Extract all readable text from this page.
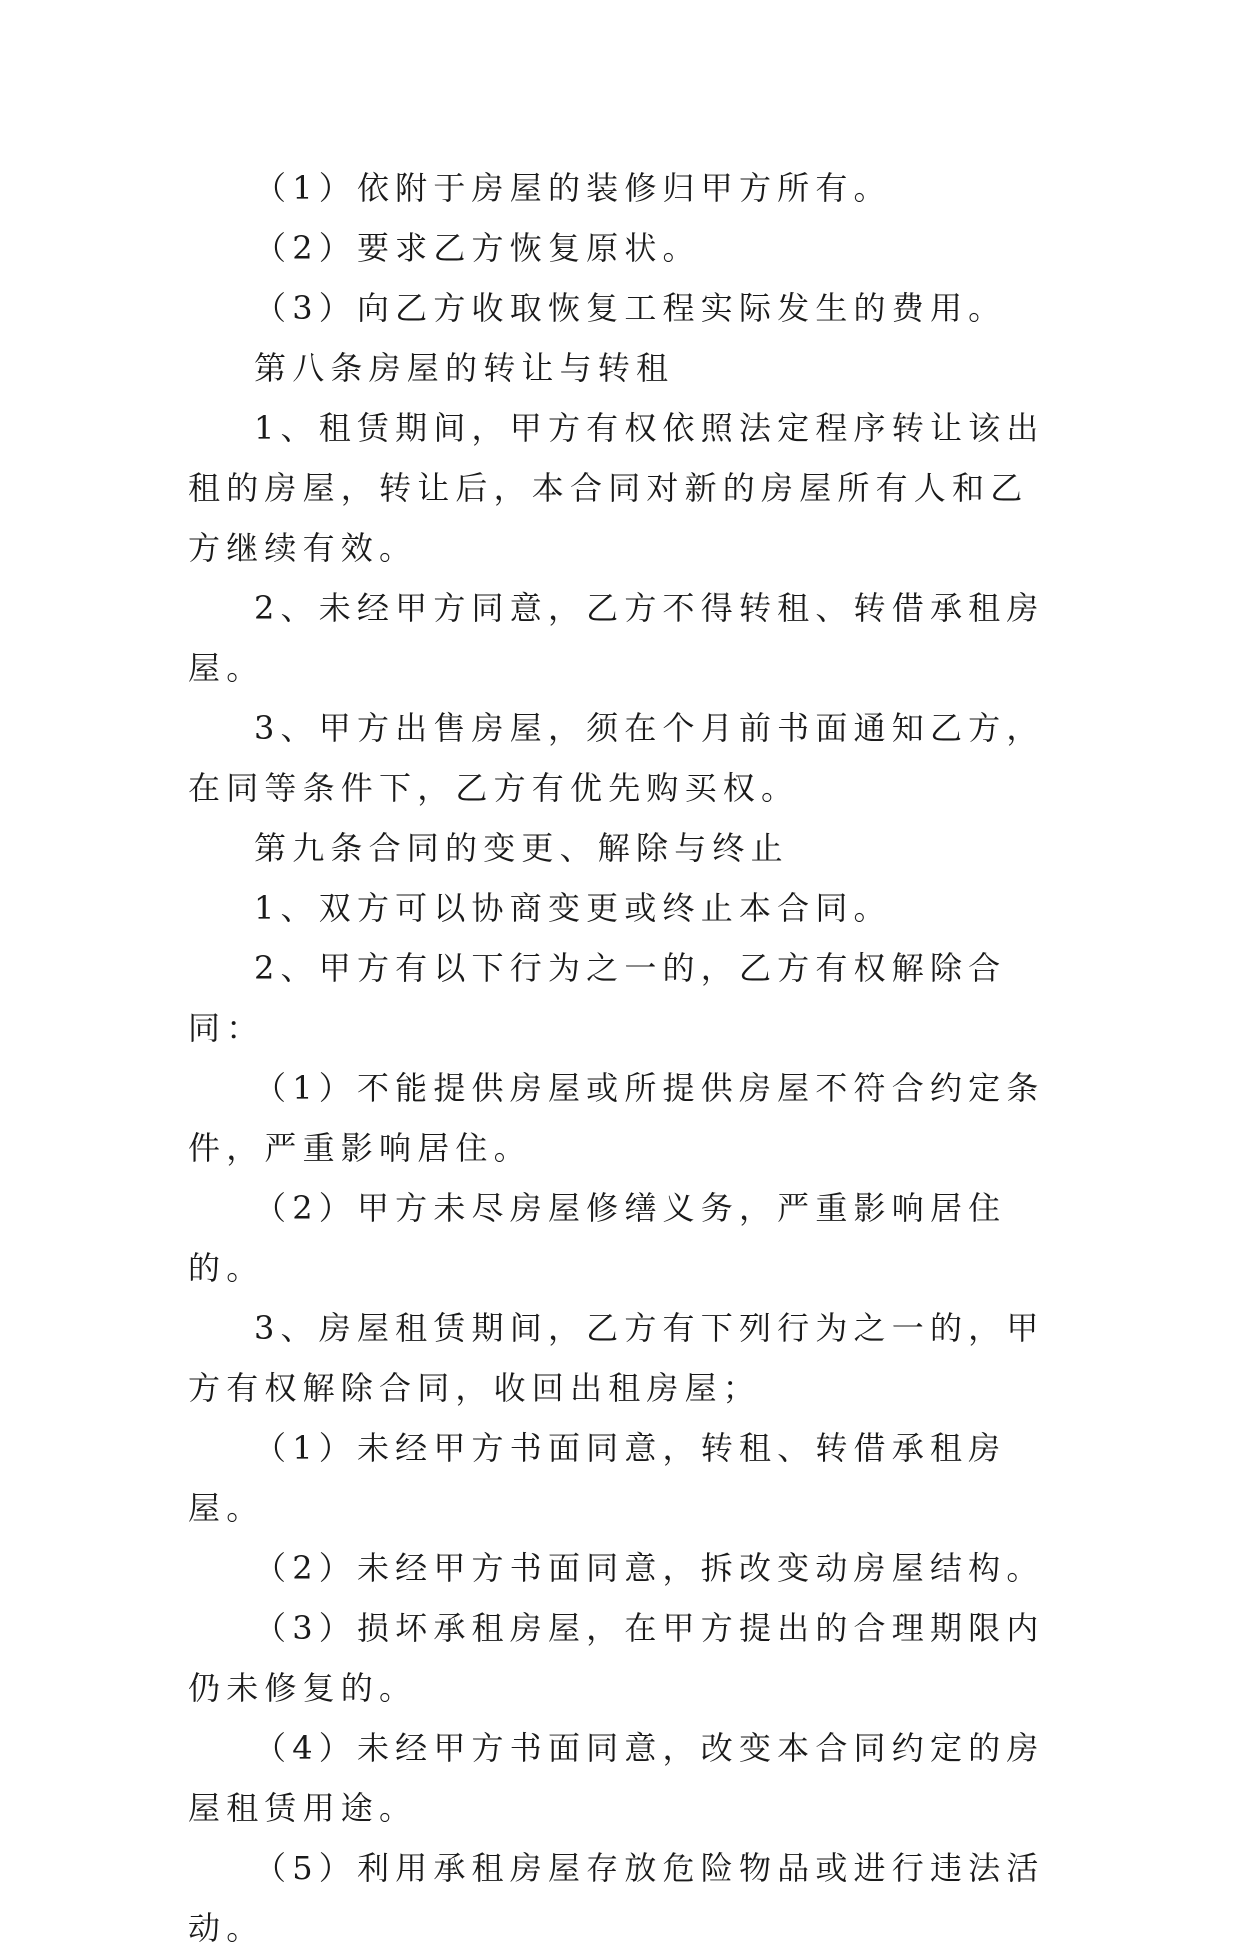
（1）依附于房屋的装修归甲方所有。

（2）要求乙方恢复原状。

（3）向乙方收取恢复工程实际发生的费用。

第八条房屋的转让与转租

1、租赁期间，甲方有权依照法定程序转让该出租的房屋，转让后，本合同对新的房屋所有人和乙方继续有效。

2、未经甲方同意，乙方不得转租、转借承租房屋。

3、甲方出售房屋，须在个月前书面通知乙方，在同等条件下，乙方有优先购买权。

第九条合同的变更、解除与终止

1、双方可以协商变更或终止本合同。

2、甲方有以下行为之一的，乙方有权解除合同：

（1）不能提供房屋或所提供房屋不符合约定条件，严重影响居住。

（2）甲方未尽房屋修缮义务，严重影响居住的。

3、房屋租赁期间，乙方有下列行为之一的，甲方有权解除合同，收回出租房屋；

（1）未经甲方书面同意，转租、转借承租房屋。

（2）未经甲方书面同意，拆改变动房屋结构。

（3）损坏承租房屋，在甲方提出的合理期限内仍未修复的。

（4）未经甲方书面同意，改变本合同约定的房屋租赁用途。

（5）利用承租房屋存放危险物品或进行违法活动。
